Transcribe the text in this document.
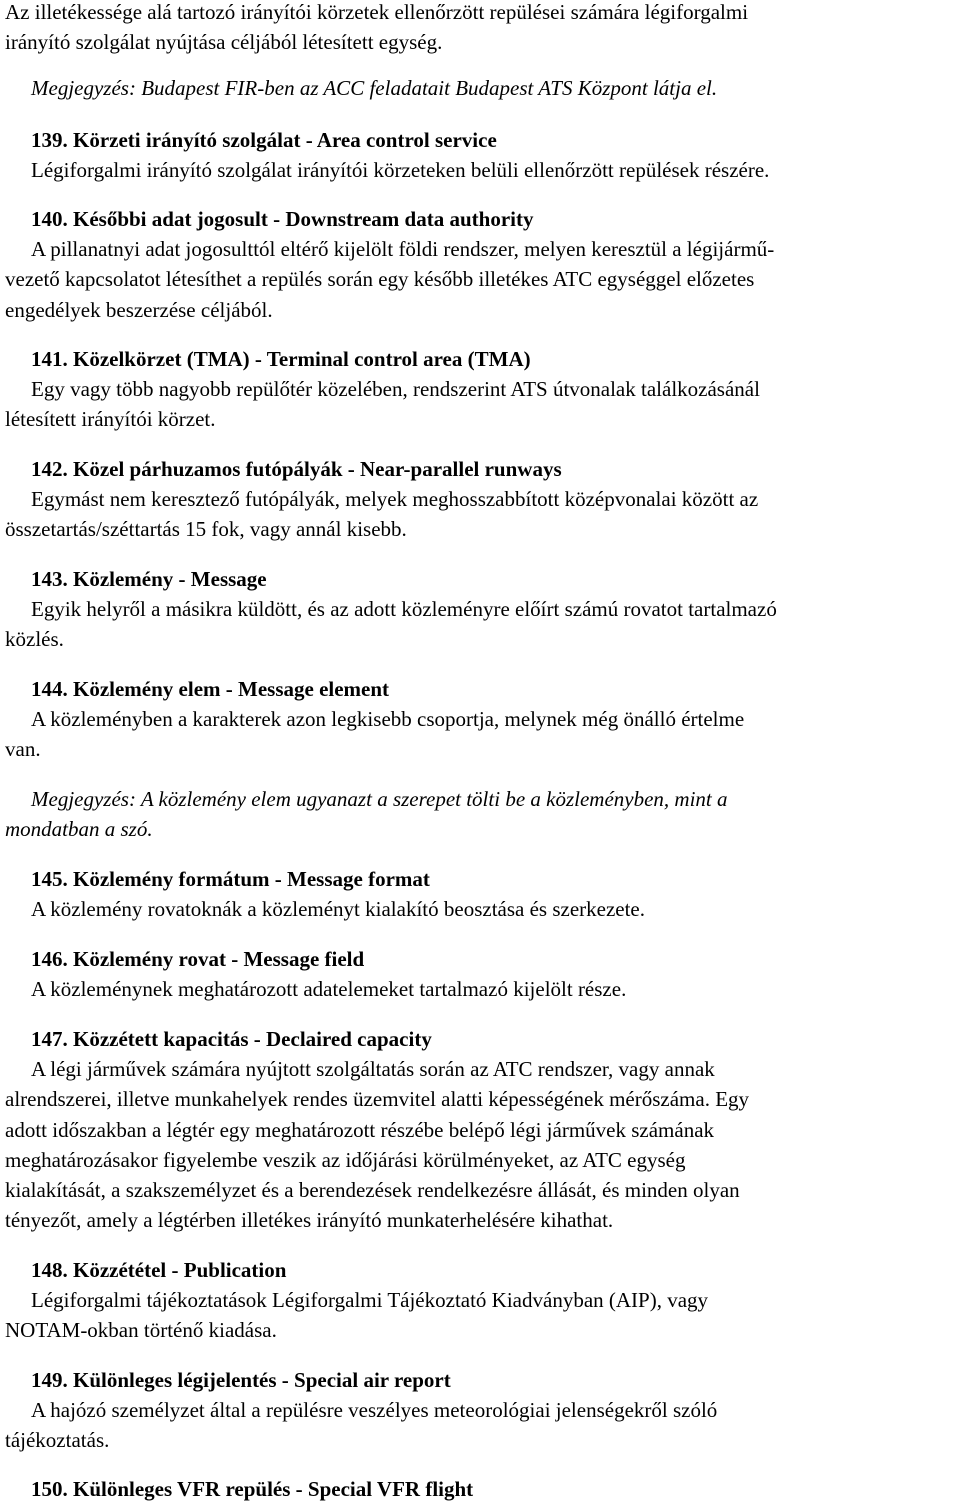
Az illetékessége alá tartozó irányítói körzetek ellenőrzött repülései számára légiforgalmi
irányító szolgálat nyújtása céljából létesített egység.
Megjegyzés: Budapest FIR-ben az ACC feladatait Budapest ATS Központ látja el.
139. Körzeti irányító szolgálat - Area control service
Légiforgalmi irányító szolgálat irányítói körzeteken belüli ellenőrzött repülések részére.
140. Későbbi adat jogosult - Downstream data authority
A pillanatnyi adat jogosulttól eltérő kijelölt földi rendszer, melyen keresztül a légijármű-
vezető kapcsolatot létesíthet a repülés során egy később illetékes ATC egységgel előzetes
engedélyek beszerzése céljából.
141. Közelkörzet (TMA) - Terminal control area (TMA)
Egy vagy több nagyobb repülőtér közelében, rendszerint ATS útvonalak találkozásánál
létesített irányítói körzet.
142. Közel párhuzamos futópályák - Near-parallel runways
Egymást nem keresztező futópályák, melyek meghosszabbított középvonalai között az
összetartás/széttartás 15 fok, vagy annál kisebb.
143. Közlemény - Message
Egyik helyről a másikra küldött, és az adott közleményre előírt számú rovatot tartalmazó
közlés.
144. Közlemény elem - Message element
A közleményben a karakterek azon legkisebb csoportja, melynek még önálló értelme
van.
Megjegyzés: A közlemény elem ugyanazt a szerepet tölti be a közleményben, mint a
mondatban a szó.
145. Közlemény formátum - Message format
A közlemény rovatoknák a közleményt kialakító beosztása és szerkezete.
146. Közlemény rovat - Message field
A közleménynek meghatározott adatelemeket tartalmazó kijelölt része.
147. Közzétett kapacitás - Declaired capacity
A légi járművek számára nyújtott szolgáltatás során az ATC rendszer, vagy annak
alrendszerei, illetve munkahelyek rendes üzemvitel alatti képességének mérőszáma. Egy
adott időszakban a légtér egy meghatározott részébe belépő légi járművek számának
meghatározásakor figyelembe veszik az időjárási körülményeket, az ATC egység
kialakítását, a szakszemélyzet és a berendezések rendelkezésre állását, és minden olyan
tényezőt, amely a légtérben illetékes irányító munkaterhelésére kihathat.
148. Közzététel - Publication
Légiforgalmi tájékoztatások Légiforgalmi Tájékoztató Kiadványban (AIP), vagy
NOTAM-okban történő kiadása.
149. Különleges légijelentés - Special air report
A hajózó személyzet által a repülésre veszélyes meteorológiai jelenségekről szóló
tájékoztatás.
150. Különleges VFR repülés - Special VFR flight
